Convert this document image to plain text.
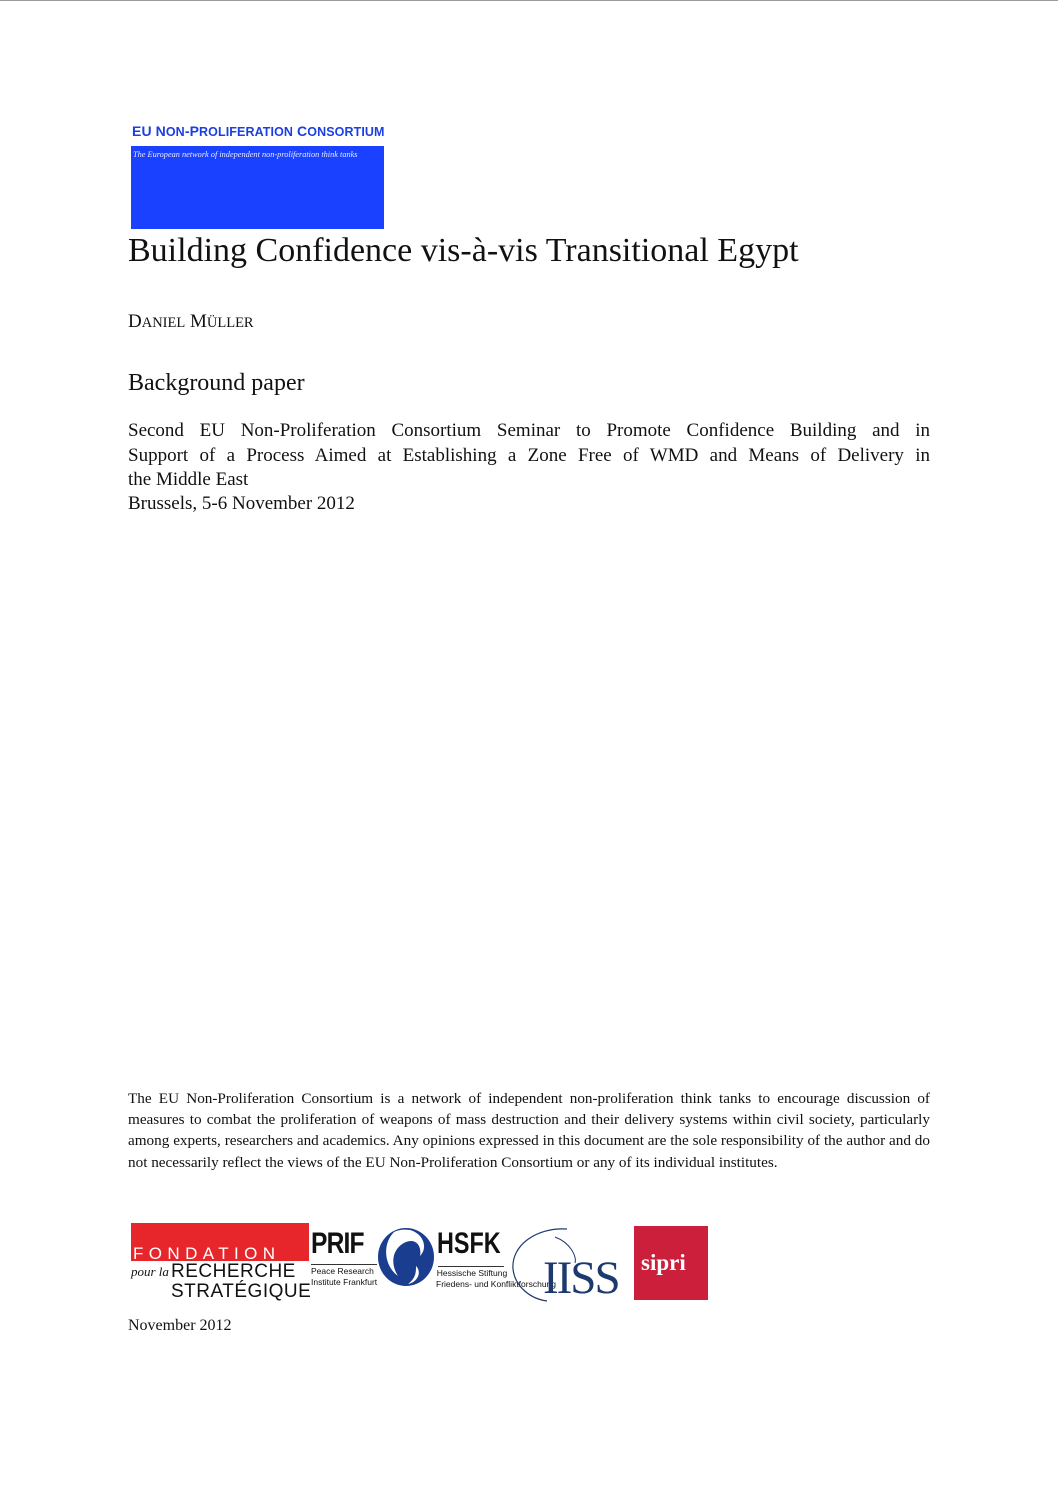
EU NON-PROLIFERATION CONSORTIUM
The European network of independent non-proliferation think tanks
Building Confidence vis-à-vis Transitional Egypt
DANIEL MÜLLER
Background paper

Second EU Non-Proliferation Consortium Seminar to Promote Confidence Building and in

Support of a Process Aimed at Establishing a Zone Free of WMD and Means of Delivery in

the Middle East

Brussels, 5-6 November 2012
The EU Non-Proliferation Consortium is a network of independent non-proliferation think tanks to encourage discussion of measures to combat the proliferation of weapons of mass destruction and their delivery systems within civil society, particularly among experts, researchers and academics. Any opinions expressed in this document are the sole responsibility of the author and do not necessarily reflect the views of the EU Non-Proliferation Consortium or any of its individual institutes.
FONDATION
pour la RECHERCHE
STRATÉGIQUE
PRIF
Peace Research
Institute Frankfurt
HSFK
Hessische Stiftung
Friedens- und Konfliktforschung
IISS sipri
November 2012
